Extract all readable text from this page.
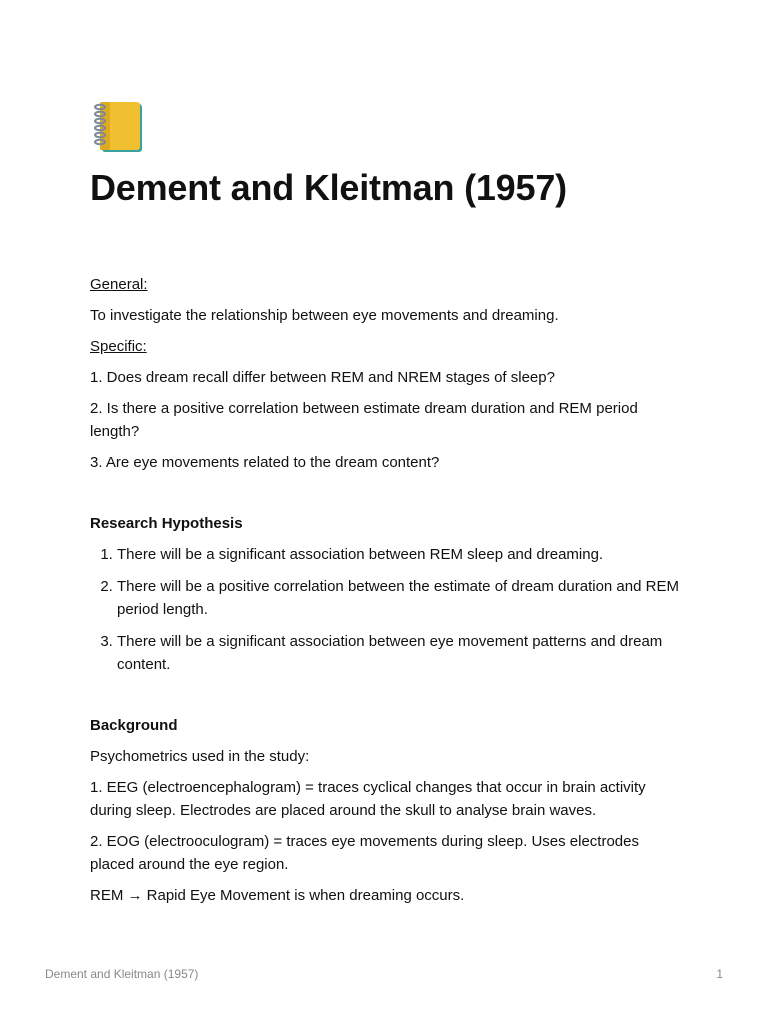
Dement and Kleitman (1957)

General:

To investigate the relationship between eye movements and dreaming.

Specific:

1. Does dream recall differ between REM and NREM stages of sleep?

2. Is there a positive correlation between estimate dream duration and REM period length?

3. Are eye movements related to the dream content?

Research Hypothesis

1. There will be a significant association between REM sleep and dreaming.
2. There will be a positive correlation between the estimate of dream duration and REM period length.
3. There will be a significant association between eye movement patterns and dream content.

Background

Psychometrics used in the study:

1. EEG (electroencephalogram) = traces cyclical changes that occur in brain activity during sleep. Electrodes are placed around the skull to analyse brain waves.

2. EOG (electrooculogram) = traces eye movements during sleep. Uses electrodes placed around the eye region.

REM → Rapid Eye Movement is when dreaming occurs.

Dement and Kleitman (1957)	1
